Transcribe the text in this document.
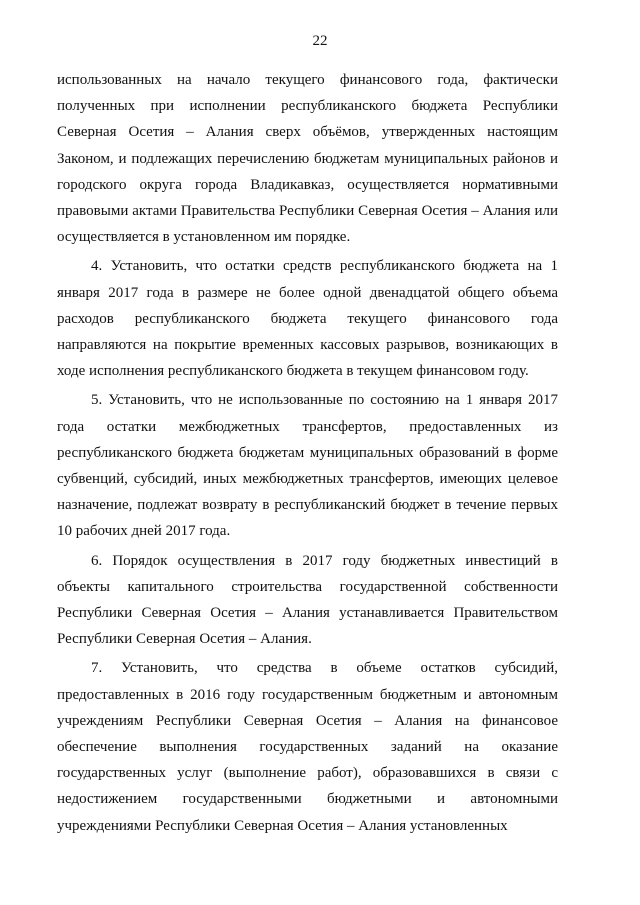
22

использованных на начало текущего финансового года, фактически полученных при исполнении республиканского бюджета Республики Северная Осетия – Алания сверх объёмов, утвержденных настоящим Законом, и подлежащих перечислению бюджетам муниципальных районов и городского округа города Владикавказ, осуществляется нормативными правовыми актами Правительства Республики Северная Осетия – Алания или осуществляется в установленном им порядке.

4. Установить, что остатки средств республиканского бюджета на 1 января 2017 года в размере не более одной двенадцатой общего объема расходов республиканского бюджета текущего финансового года направляются на покрытие временных кассовых разрывов, возникающих в ходе исполнения республиканского бюджета в текущем финансовом году.

5. Установить, что не использованные по состоянию на 1 января 2017 года остатки межбюджетных трансфертов, предоставленных из республиканского бюджета бюджетам муниципальных образований в форме субвенций, субсидий, иных межбюджетных трансфертов, имеющих целевое назначение, подлежат возврату в республиканский бюджет в течение первых 10 рабочих дней 2017 года.

6. Порядок осуществления в 2017 году бюджетных инвестиций в объекты капитального строительства государственной собственности Республики Северная Осетия – Алания устанавливается Правительством Республики Северная Осетия – Алания.

7. Установить, что средства в объеме остатков субсидий, предоставленных в 2016 году государственным бюджетным и автономным учреждениям Республики Северная Осетия – Алания на финансовое обеспечение выполнения государственных заданий на оказание государственных услуг (выполнение работ), образовавшихся в связи с недостижением государственными бюджетными и автономными учреждениями Республики Северная Осетия – Алания установленных
